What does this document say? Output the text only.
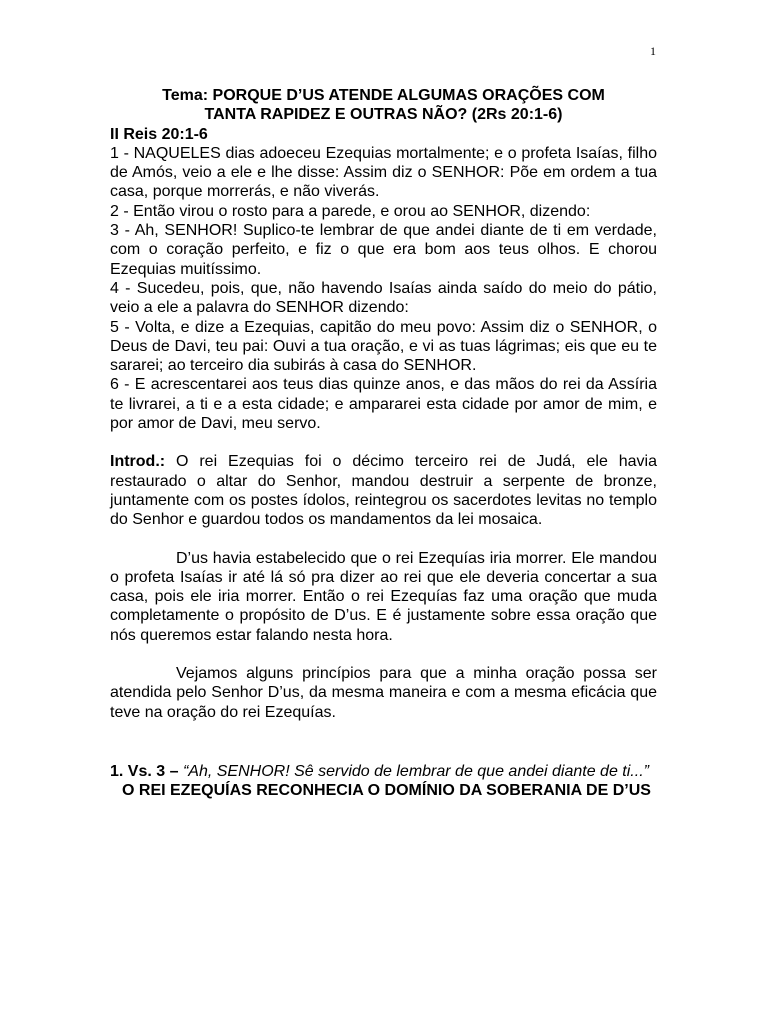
1

Tema: PORQUE D’US ATENDE ALGUMAS ORAÇÕES COM
TANTA RAPIDEZ E OUTRAS NÃO? (2Rs 20:1-6)

II Reis 20:1-6

1 - NAQUELES dias adoeceu Ezequias mortalmente; e o profeta Isaías, filho de Amós, veio a ele e lhe disse: Assim diz o SENHOR: Põe em ordem a tua casa, porque morrerás, e não viverás.

2 - Então virou o rosto para a parede, e orou ao SENHOR, dizendo:

3 - Ah, SENHOR! Suplico-te lembrar de que andei diante de ti em verdade, com o coração perfeito, e fiz o que era bom aos teus olhos. E chorou Ezequias muitíssimo.

4 - Sucedeu, pois, que, não havendo Isaías ainda saído do meio do pátio, veio a ele a palavra do SENHOR dizendo:

5 - Volta, e dize a Ezequias, capitão do meu povo: Assim diz o SENHOR, o Deus de Davi, teu pai: Ouvi a tua oração, e vi as tuas lágrimas; eis que eu te sararei; ao terceiro dia subirás à casa do SENHOR.

6 - E acrescentarei aos teus dias quinze anos, e das mãos do rei da Assíria te livrarei, a ti e a esta cidade; e ampararei esta cidade por amor de mim, e por amor de Davi, meu servo.

Introd.: O rei Ezequias foi o décimo terceiro rei de Judá, ele havia restaurado o altar do Senhor, mandou destruir a serpente de bronze, juntamente com os postes ídolos, reintegrou os sacerdotes levitas no templo do Senhor e guardou todos os mandamentos da lei mosaica.

D’us havia estabelecido que o rei Ezequías iria morrer. Ele mandou o profeta Isaías ir até lá só pra dizer ao rei que ele deveria concertar a sua casa, pois ele iria morrer. Então o rei Ezequías faz uma oração que muda completamente o propósito de D’us. E é justamente sobre essa oração que nós queremos estar falando nesta hora.

Vejamos alguns princípios para que a minha oração possa ser atendida pelo Senhor D’us, da mesma maneira e com a mesma eficácia que teve na oração do rei Ezequías.

1. Vs. 3 – “Ah, SENHOR! Sê servido de lembrar de que andei diante de ti...”

O REI EZEQUÍAS RECONHECIA O DOMÍNIO DA SOBERANIA DE D’US
